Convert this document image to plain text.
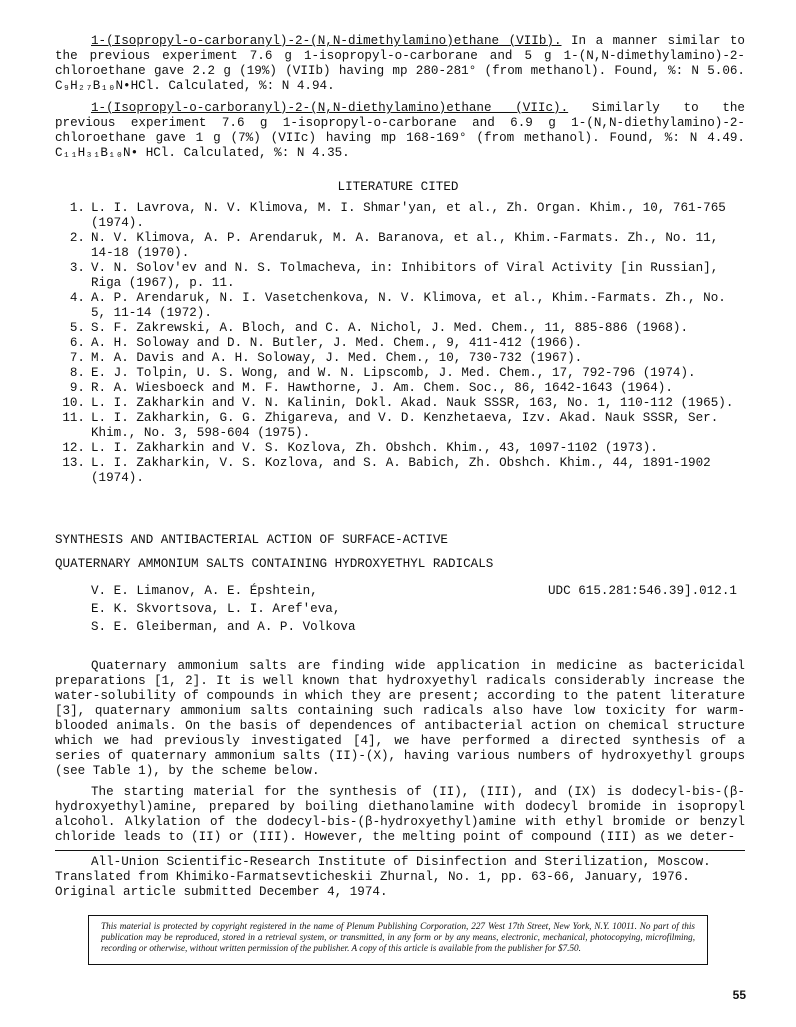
1-(Isopropyl-o-carboranyl)-2-(N,N-dimethylamino)ethane (VIIb). In a manner similar to the previous experiment 7.6 g 1-isopropyl-o-carborane and 5 g 1-(N,N-dimethylamino)-2-chloroethane gave 2.2 g (19%) (VIIb) having mp 280-281° (from methanol). Found, %: N 5.06. C₉H₂₇B₁₀N•HCl. Calculated, %: N 4.94.
1-(Isopropyl-o-carboranyl)-2-(N,N-diethylamino)ethane (VIIc). Similarly to the previous experiment 7.6 g 1-isopropyl-o-carborane and 6.9 g 1-(N,N-diethylamino)-2-chloroethane gave 1 g (7%) (VIIc) having mp 168-169° (from methanol). Found, %: N 4.49. C₁₁H₃₁B₁₀N• HCl. Calculated, %: N 4.35.
LITERATURE CITED
1. L. I. Lavrova, N. V. Klimova, M. I. Shmar'yan, et al., Zh. Organ. Khim., 10, 761-765 (1974).
2. N. V. Klimova, A. P. Arendaruk, M. A. Baranova, et al., Khim.-Farmats. Zh., No. 11, 14-18 (1970).
3. V. N. Solov'ev and N. S. Tolmacheva, in: Inhibitors of Viral Activity [in Russian], Riga (1967), p. 11.
4. A. P. Arendaruk, N. I. Vasetchenkova, N. V. Klimova, et al., Khim.-Farmats. Zh., No. 5, 11-14 (1972).
5. S. F. Zakrewski, A. Bloch, and C. A. Nichol, J. Med. Chem., 11, 885-886 (1968).
6. A. H. Soloway and D. N. Butler, J. Med. Chem., 9, 411-412 (1966).
7. M. A. Davis and A. H. Soloway, J. Med. Chem., 10, 730-732 (1967).
8. E. J. Tolpin, U. S. Wong, and W. N. Lipscomb, J. Med. Chem., 17, 792-796 (1974).
9. R. A. Wiesboeck and M. F. Hawthorne, J. Am. Chem. Soc., 86, 1642-1643 (1964).
10. L. I. Zakharkin and V. N. Kalinin, Dokl. Akad. Nauk SSSR, 163, No. 1, 110-112 (1965).
11. L. I. Zakharkin, G. G. Zhigareva, and V. D. Kenzhetaeva, Izv. Akad. Nauk SSSR, Ser. Khim., No. 3, 598-604 (1975).
12. L. I. Zakharkin and V. S. Kozlova, Zh. Obshch. Khim., 43, 1097-1102 (1973).
13. L. I. Zakharkin, V. S. Kozlova, and S. A. Babich, Zh. Obshch. Khim., 44, 1891-1902 (1974).
SYNTHESIS AND ANTIBACTERIAL ACTION OF SURFACE-ACTIVE
QUATERNARY AMMONIUM SALTS CONTAINING HYDROXYETHYL RADICALS
V. E. Limanov, A. E. Épshtein,
E. K. Skvortsova, L. I. Aref'eva,
S. E. Gleiberman, and A. P. Volkova
UDC 615.281:546.39].012.1
Quaternary ammonium salts are finding wide application in medicine as bactericidal preparations [1, 2]. It is well known that hydroxyethyl radicals considerably increase the water-solubility of compounds in which they are present; according to the patent literature [3], quaternary ammonium salts containing such radicals also have low toxicity for warm-blooded animals. On the basis of dependences of antibacterial action on chemical structure which we had previously investigated [4], we have performed a directed synthesis of a series of quaternary ammonium salts (II)-(X), having various numbers of hydroxyethyl groups (see Table 1), by the scheme below.
The starting material for the synthesis of (II), (III), and (IX) is dodecyl-bis-(β-hydroxyethyl)amine, prepared by boiling diethanolamine with dodecyl bromide in isopropyl alcohol. Alkylation of the dodecyl-bis-(β-hydroxyethyl)amine with ethyl bromide or benzyl chloride leads to (II) or (III). However, the melting point of compound (III) as we deter-
All-Union Scientific-Research Institute of Disinfection and Sterilization, Moscow. Translated from Khimiko-Farmatsevticheskii Zhurnal, No. 1, pp. 63-66, January, 1976. Original article submitted December 4, 1974.
This material is protected by copyright registered in the name of Plenum Publishing Corporation, 227 West 17th Street, New York, N.Y. 10011. No part of this publication may be reproduced, stored in a retrieval system, or transmitted, in any form or by any means, electronic, mechanical, photocopying, microfilming, recording or otherwise, without written permission of the publisher. A copy of this article is available from the publisher for $7.50.
55
